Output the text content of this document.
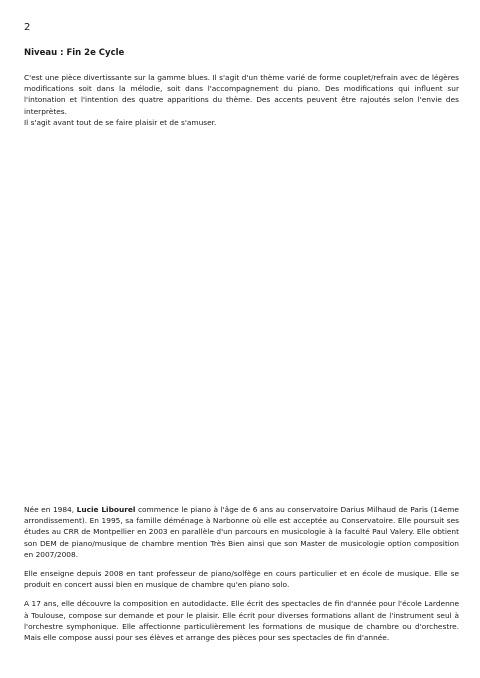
2
Niveau : Fin 2e Cycle

C'est une pièce divertissante sur la gamme blues. Il s'agit d'un thème varié de forme couplet/refrain avec de légères modifications soit dans la mélodie, soit dans l'accompagnement du piano. Des modifications qui influent sur l'intonation et l'intention des quatre apparitions du thème. Des accents peuvent être rajoutés selon l'envie des interprètes.

Il s'agit avant tout de se faire plaisir et de s'amuser.

Née en 1984, Lucie Libourel commence le piano à l'âge de 6 ans au conservatoire Darius Milhaud de Paris (14eme arrondissement). En 1995, sa famille déménage à Narbonne où elle est acceptée au Conservatoire. Elle poursuit ses études au CRR de Montpellier en 2003 en parallèle d'un parcours en musicologie à la faculté Paul Valery. Elle obtient son DEM de piano/musique de chambre mention Très Bien ainsi que son Master de musicologie option composition en 2007/2008.

Elle enseigne depuis 2008 en tant professeur de piano/solfège en cours particulier et en école de musique. Elle se produit en concert aussi bien en musique de chambre qu'en piano solo.

A 17 ans, elle découvre la composition en autodidacte. Elle écrit des spectacles de fin d'année pour l'école Lardenne à Toulouse, compose sur demande et pour le plaisir. Elle écrit pour diverses formations allant de l'instrument seul à l'orchestre symphonique. Elle affectionne particulièrement les formations de musique de chambre ou d'orchestre. Mais elle compose aussi pour ses élèves et arrange des pièces pour ses spectacles de fin d'année.
